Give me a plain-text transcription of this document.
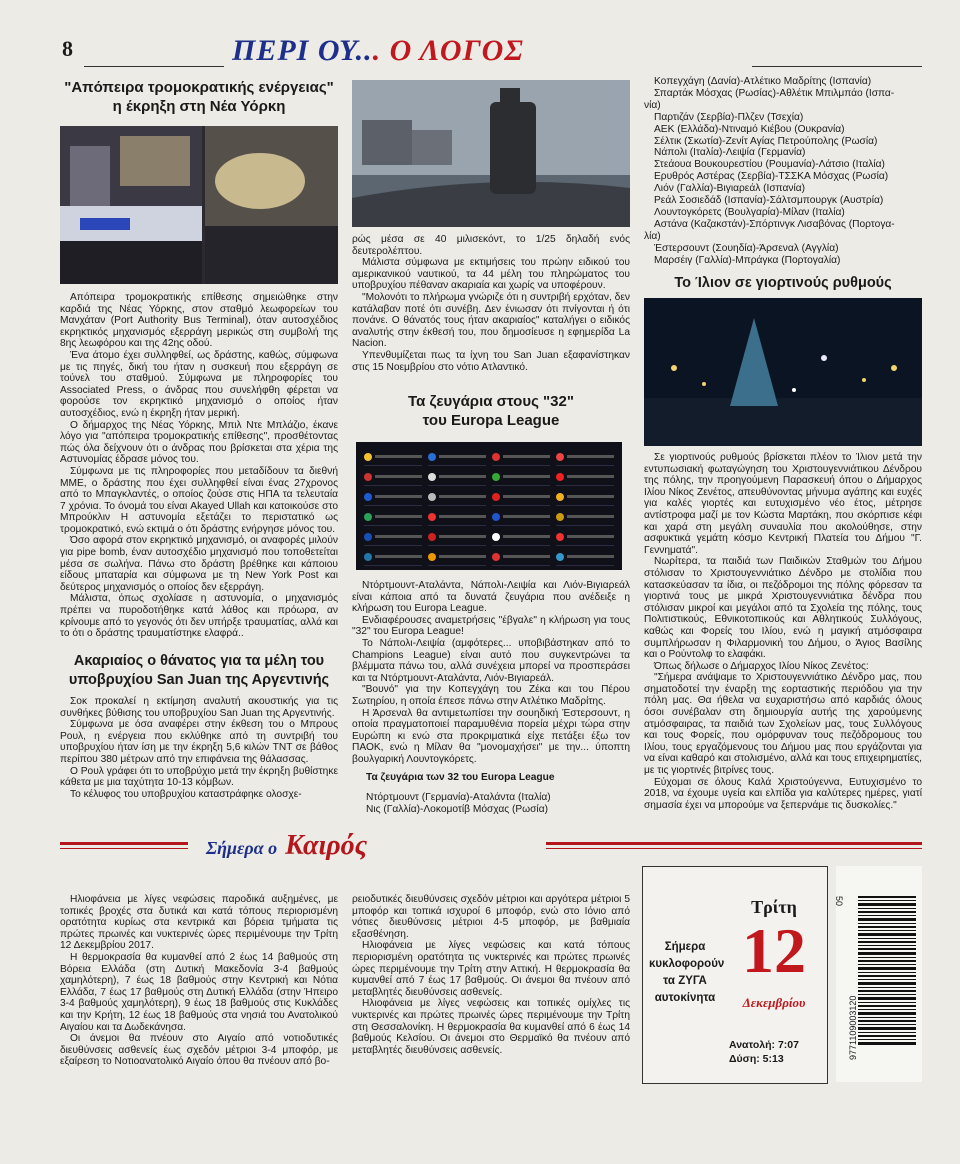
8	ΠΕΡΙ ΟΥ... Ο ΛΟΓΟΣ
"Απόπειρα τρομοκρατικής ενέργειας"
η έκρηξη στη Νέα Υόρκη

Απόπειρα τρομοκρατικής επίθεσης σημειώθηκε στην καρδιά της Νέας Υόρκης, στον σταθμό λεωφορείων του Μανχάταν (Port Authority Bus Terminal), όταν αυτοσχέδιος εκρηκτικός μηχανισμός εξερράγη μερικώς στη συμβολή της 8ης λεωφόρου και της 42ης οδού.

Ένα άτομο έχει συλληφθεί, ως δράστης, καθώς, σύμφωνα με τις πηγές, δική του ήταν η συσκευή που εξερράγη σε τούνελ του σταθμού. Σύμφωνα με πληροφορίες του Associated Press, ο άνδρας που συνελήφθη φέρεται να φορούσε τον εκρηκτικό μηχανισμό ο οποίος ήταν αυτοσχέδιος, ενώ η έκρηξη ήταν μερική.

Ο δήμαρχος της Νέας Υόρκης, Μπιλ Ντε Μπλάζιο, έκανε λόγο για "απόπειρα τρομοκρατικής επίθεσης", προσθέτοντας πώς όλα δείχνουν ότι ο άνδρας που βρίσκεται στα χέρια της Αστυνομίας έδρασε μόνος του.

Σύμφωνα με τις πληροφορίες που μεταδίδουν τα διεθνή ΜΜΕ, ο δράστης που έχει συλληφθεί είναι ένας 27χρονος από το Μπαγκλαντές, ο οποίος ζούσε στις ΗΠΑ τα τελευταία 7 χρόνια. Το όνομά του είναι Akayed Ullah και κατοικούσε στο Μπρούκλιν Η αστυνομία εξετάζει το περιστατικό ως τρομοκρατικό, ενώ εκτιμά ο ότι δράστης ενήργησε μόνος του.

Όσο αφορά στον εκρηκτικό μηχανισμό, οι αναφορές μιλούν για pipe bomb, έναν αυτοσχέδιο μηχανισμό που τοποθετείται μέσα σε σωλήνα. Πάνω στο δράστη βρέθηκε και κάποιου είδους μπαταρία και σύμφωνα με τη New York Post και δεύτερος μηχανισμός ο οποίος δεν εξερράγη.

Μάλιστα, όπως σχολίασε η αστυνομία, ο μηχανισμός πρέπει να πυροδοτήθηκε κατά λάθος και πρόωρα, αν κρίνουμε από το γεγονός ότι δεν υπήρξε τραυματίας, αλλά και το ότι ο δράστης τραυματίστηκε ελαφρά..

Ακαριαίος ο θάνατος για τα μέλη του
υποβρυχίου San Juan της Αργεντινής

Σοκ προκαλεί η εκτίμηση αναλυτή ακουστικής για τις συνθήκες βύθισης του υποβρυχίου San Juan της Αργεντινής.

Σύμφωνα με όσα αναφέρει στην έκθεση του ο Μπρους Ρουλ, η ενέργεια που εκλύθηκε από τη συντριβή του υποβρυχίου ήταν ίση με την έκρηξη 5,6 κιλών TNT σε βάθος περίπου 380 μέτρων από την επιφάνεια της θάλασσας.

Ο Ρουλ γράφει ότι το υποβρύχιο μετά την έκρηξη βυθίστηκε κάθετα με μια ταχύτητα 10-13 κόμβων.

Το κέλυφος του υποβρυχίου καταστράφηκε ολοσχε-

ρώς μέσα σε 40 μιλισεκόντ, το 1/25 δηλαδή ενός δευτερολέπτου.

Μάλιστα σύμφωνα με εκτιμήσεις του πρώην ειδικού του αμερικανικού ναυτικού, τα 44 μέλη του πληρώματος του υποβρυχίου πέθαναν ακαριαία και χωρίς να υποφέρουν.

"Μολονότι το πλήρωμα γνώριζε ότι η συντριβή ερχόταν, δεν κατάλαβαν ποτέ ότι συνέβη. Δεν ένιωσαν ότι πνίγονται ή ότι πονάνε. Ο θάνατός τους ήταν ακαριαίος" καταλήγει ο ειδικός αναλυτής στην έκθεσή του, που δημοσίευσε η εφημερίδα La Nacion.

Υπενθυμίζεται πως τα ίχνη του San Juan εξαφανίστηκαν στις 15 Νοεμβρίου στο νότιο Ατλαντικό.

Τα ζευγάρια στους "32"
του Europa League

Ντόρτμουντ-Αταλάντα, Νάπολι-Λειψία και Λιόν-Βιγιαρεάλ είναι κάποια από τα δυνατά ζευγάρια που ανέδειξε η κλήρωση του Europa League.

Ενδιαφέρουσες αναμετρήσεις "έβγαλε" η κλήρωση για τους "32" του Europa League!

Το Νάπολι-Λειψία (αμφότερες... υποβιβάστηκαν από το Champions League) είναι αυτό που συγκεντρώνει τα βλέμματα πάνω του, αλλά συνέχεια μπορεί να προσπεράσει και τα Ντόρτμουντ-Αταλάντα, Λιόν-Βιγιαρεάλ.

"Βουνό" για την Κοπεγχάγη του Ζέκα και του Πέρου Σωτηρίου, η οποία έπεσε πάνω στην Ατλέτικο Μαδρίτης.

Η Άρσεναλ θα αντιμετωπίσει την σουηδική Έστερσουντ, η οποία πραγματοποιεί παραμυθένια πορεία μέχρι τώρα στην Ευρώπη κι ενώ στα προκριματικά είχε πετάξει έξω τον ΠΑΟΚ, ενώ η Μίλαν θα "μονομαχήσει" με την... ύποπτη βουλγαρική Λουντογκόρετς.

Τα ζευγάρια των 32 του Europa League
Ντόρτμουντ (Γερμανία)-Αταλάντα (Ιταλία)
Νις (Γαλλία)-Λοκομοτίβ Μόσχας (Ρωσία)
Κοπεγχάγη (Δανία)-Ατλέτικο Μαδρίτης (Ισπανία)
Σπαρτάκ Μόσχας (Ρωσίας)-Αθλέτικ Μπιλμπάο (Ισπα-
νία)
Παρτιζάν (Σερβία)-Πλζεν (Τσεχία)
ΑΕΚ (Ελλάδα)-Ντιναμό Κιέβου (Ουκρανία)
Σέλτικ (Σκωτία)-Ζενίτ Αγίας Πετρούπολης (Ρωσία)
Νάπολι (Ιταλία)-Λειψία (Γερμανία)
Στεάουα Βουκουρεστίου (Ρουμανία)-Λάτσιο (Ιταλία)
Ερυθρός Αστέρας (Σερβία)-ΤΣΣΚΑ Μόσχας (Ρωσία)
Λιόν (Γαλλία)-Βιγιαρεάλ (Ισπανία)
Ρεάλ Σοσιεδάδ (Ισπανία)-Σάλτσμπουργκ (Αυστρία)
Λουντογκόρετς (Βουλγαρία)-Μίλαν (Ιταλία)
Αστάνα (Καζακστάν)-Σπόρτινγκ Λισαβόνας (Πορτογα-
λία)
Έστερσουντ (Σουηδία)-Άρσεναλ (Αγγλία)
Μαρσέιγ (Γαλλία)-Μπράγκα (Πορτογαλία)
Το Ίλιον σε γιορτινούς ρυθμούς

Σε γιορτινούς ρυθμούς βρίσκεται πλέον το Ίλιον μετά την εντυπωσιακή φωταγώγηση του Χριστουγεννιάτικου Δένδρου της πόλης, την προηγούμενη Παρασκευή όπου ο Δήμαρχος Ιλίου Νίκος Ζενέτος, απευθύνοντας μήνυμα αγάπης και ευχές για καλές γιορτές και ευτυχισμένο νέο έτος, μέτρησε αντίστροφα μαζί με τον Κώστα Μαρτάκη, που σκόρπισε κέφι και χαρά στη μεγάλη συναυλία που ακολούθησε, στην ασφυκτικά γεμάτη κόσμο Κεντρική Πλατεία του Δήμου "Γ. Γεννηματά".

Νωρίτερα, τα παιδιά των Παιδικών Σταθμών του Δήμου στόλισαν το Χριστουγεννιάτικο Δένδρο με στολίδια που κατασκεύασαν τα ίδια, οι πεζόδρομοι της πόλης φόρεσαν τα γιορτινά τους με μικρά Χριστουγεννιάτικα δένδρα που στόλισαν μικροί και μεγάλοι από τα Σχολεία της πόλης, τους Πολιτιστικούς, Εθνικοτοπικούς και Αθλητικούς Συλλόγους, καθώς και Φορείς του Ιλίου, ενώ η μαγική ατμόσφαιρα συμπλήρωσαν η Φιλαρμονική του Δήμου, ο Άγιος Βασίλης και ο Ρούντολφ το ελαφάκι.

Όπως δήλωσε ο Δήμαρχος Ιλίου Νίκος Ζενέτος:

"Σήμερα ανάψαμε το Χριστουγεννιάτικο Δένδρο μας, που σηματοδοτεί την έναρξη της εορταστικής περιόδου για την πόλη μας. Θα ήθελα να ευχαριστήσω από καρδιάς όλους όσοι συνέβαλαν στη δημιουργία αυτής της χαρούμενης ατμόσφαιρας, τα παιδιά των Σχολείων μας, τους Συλλόγους και τους Φορείς, που ομόρφυναν τους πεζόδρομους του Ιλίου, τους εργαζόμενους του Δήμου μας που εργάζονται για να είναι καθαρό και στολισμένο, αλλά και τους επιχειρηματίες, με τις γιορτινές βιτρίνες τους.

Εύχομαι σε όλους Καλά Χριστούγεννα, Ευτυχισμένο το 2018, να έχουμε υγεία και ελπίδα για καλύτερες ημέρες, γιατί σημασία έχει να μπορούμε να ξεπερνάμε τις δυσκολίες."

Σήμερα ο Καιρός

Ηλιοφάνεια με λίγες νεφώσεις παροδικά αυξημένες, με τοπικές βροχές στα δυτικά και κατά τόπους περιορισμένη ορατότητα κυρίως στα κεντρικά και βόρεια τμήματα τις πρώτες πρωινές και νυκτερινές ώρες περιμένουμε την Τρίτη 12 Δεκεμβρίου 2017.

Η θερμοκρασία θα κυμανθεί από 2 έως 14 βαθμούς στη Βόρεια Ελλάδα (στη Δυτική Μακεδονία 3-4 βαθμούς χαμηλότερη), 7 έως 18 βαθμούς στην Κεντρική και Νότια Ελλάδα, 7 έως 17 βαθμούς στη Δυτική Ελλάδα (στην Ήπειρο 3-4 βαθμούς χαμηλότερη), 9 έως 18 βαθμούς στις Κυκλάδες και την Κρήτη, 12 έως 18 βαθμούς στα νησιά του Ανατολικού Αιγαίου και τα Δωδεκάνησα.

Οι άνεμοι θα πνέουν στο Αιγαίο από νοτιοδυτικές διευθύνσεις ασθενείς έως σχεδόν μέτριοι 3-4 μποφόρ, με εξαίρεση το Νοτιοανατολικό Αιγαίο όπου θα πνέουν από βο-

ρειοδυτικές διευθύνσεις σχεδόν μέτριοι και αργότερα μέτριοι 5 μποφόρ και τοπικά ισχυροί 6 μποφόρ, ενώ στο Ιόνιο από νότιες διευθύνσεις μέτριοι 4-5 μποφόρ, με βαθμιαία εξασθένηση.

Ηλιοφάνεια με λίγες νεφώσεις και κατά τόπους περιορισμένη ορατότητα τις νυκτερινές και πρώτες πρωινές ώρες περιμένουμε την Τρίτη στην Αττική. Η θερμοκρασία θα κυμανθεί από 7 έως 17 βαθμούς. Οι άνεμοι θα πνέουν από μεταβλητές διευθύνσεις ασθενείς.

Ηλιοφάνεια με λίγες νεφώσεις και τοπικές ομίχλες τις νυκτερινές και πρώτες πρωινές ώρες περιμένουμε την Τρίτη στη Θεσσαλονίκη. Η θερμοκρασία θα κυμανθεί από 6 έως 14 βαθμούς Κελσίου. Οι άνεμοι στο Θερμαϊκό θα πνέουν από μεταβλητές διευθύνσεις ασθενείς.

Σήμερα
κυκλοφορούν
τα ΖΥΓΑ
αυτοκίνητα
Τρίτη
12
Δεκεμβρίου
Ανατολή: 7:07
Δύση: 5:13
50
9771109003120
